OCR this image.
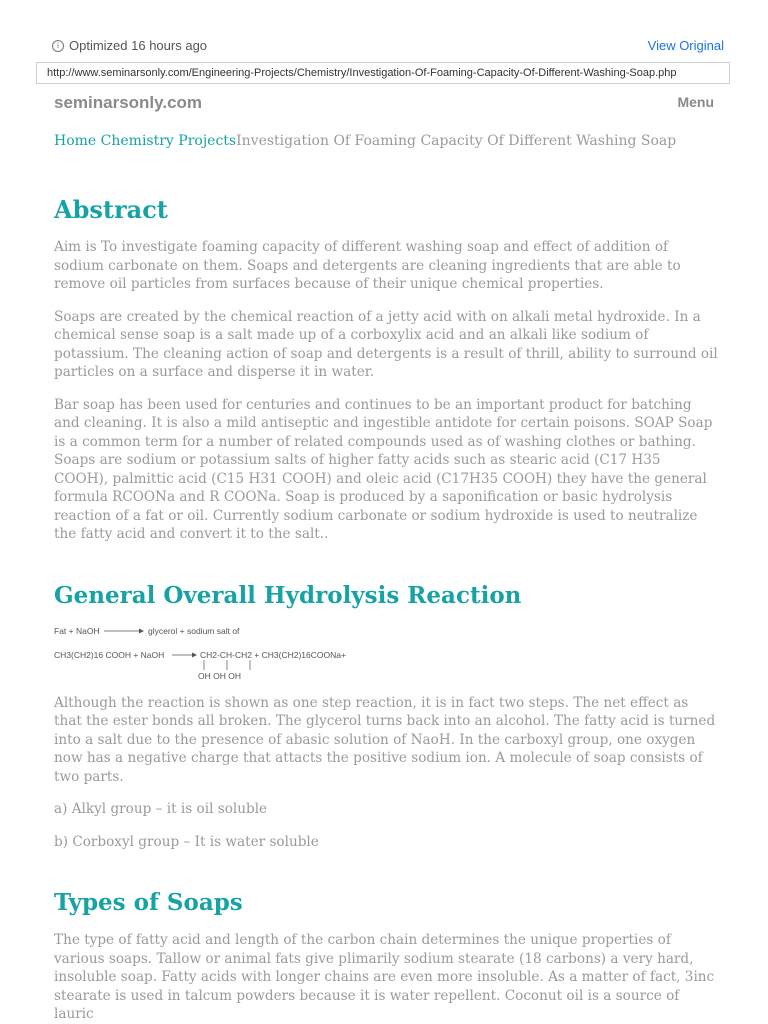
i Optimized 16 hours ago	View Original
http://www.seminarsonly.com/Engineering-Projects/Chemistry/Investigation-Of-Foaming-Capacity-Of-Different-Washing-Soap.php
seminarsonly.com	Menu
Home Chemistry ProjectsInvestigation Of Foaming Capacity Of Different Washing Soap
Abstract

Aim is To investigate foaming capacity of different washing soap and effect of addition of sodium carbonate on them. Soaps and detergents are cleaning ingredients that are able to remove oil particles from surfaces because of their unique chemical properties.

Soaps are created by the chemical reaction of a jetty acid with on alkali metal hydroxide. In a chemical sense soap is a salt made up of a corboxylix acid and an alkali like sodium of potassium. The cleaning action of soap and detergents is a result of thrill, ability to surround oil particles on a surface and disperse it in water.

Bar soap has been used for centuries and continues to be an important product for batching and cleaning. It is also a mild antiseptic and ingestible antidote for certain poisons. SOAP Soap is a common term for a number of related compounds used as of washing clothes or bathing. Soaps are sodium or potassium salts of higher fatty acids such as stearic acid (C17 H35 COOH), palmittic acid (C15 H31 COOH) and oleic acid (C17H35 COOH) they have the general formula RCOONa and R COONa. Soap is produced by a saponification or basic hydrolysis reaction of a fat or oil. Currently sodium carbonate or sodium hydroxide is used to neutralize the fatty acid and convert it to the salt..

General Overall Hydrolysis Reaction
Fat + NaOH	glycerol + sodium salt of
CH3(CH2)16 COOH + NaOH	CH2-CH-CH2 + CH3(CH2)16COONa+
OH OH OH

Although the reaction is shown as one step reaction, it is in fact two steps. The net effect as that the ester bonds all broken. The glycerol turns back into an alcohol. The fatty acid is turned into a salt due to the presence of abasic solution of NaoH. In the carboxyl group, one oxygen now has a negative charge that attacts the positive sodium ion. A molecule of soap consists of two parts.

a) Alkyl group – it is oil soluble

b) Corboxyl group – It is water soluble

Types of Soaps

The type of fatty acid and length of the carbon chain determines the unique properties of various soaps. Tallow or animal fats give plimarily sodium stearate (18 carbons) a very hard, insoluble soap. Fatty acids with longer chains are even more insoluble. As a matter of fact, 3inc stearate is used in talcum powders because it is water repellent. Coconut oil is a source of lauric
